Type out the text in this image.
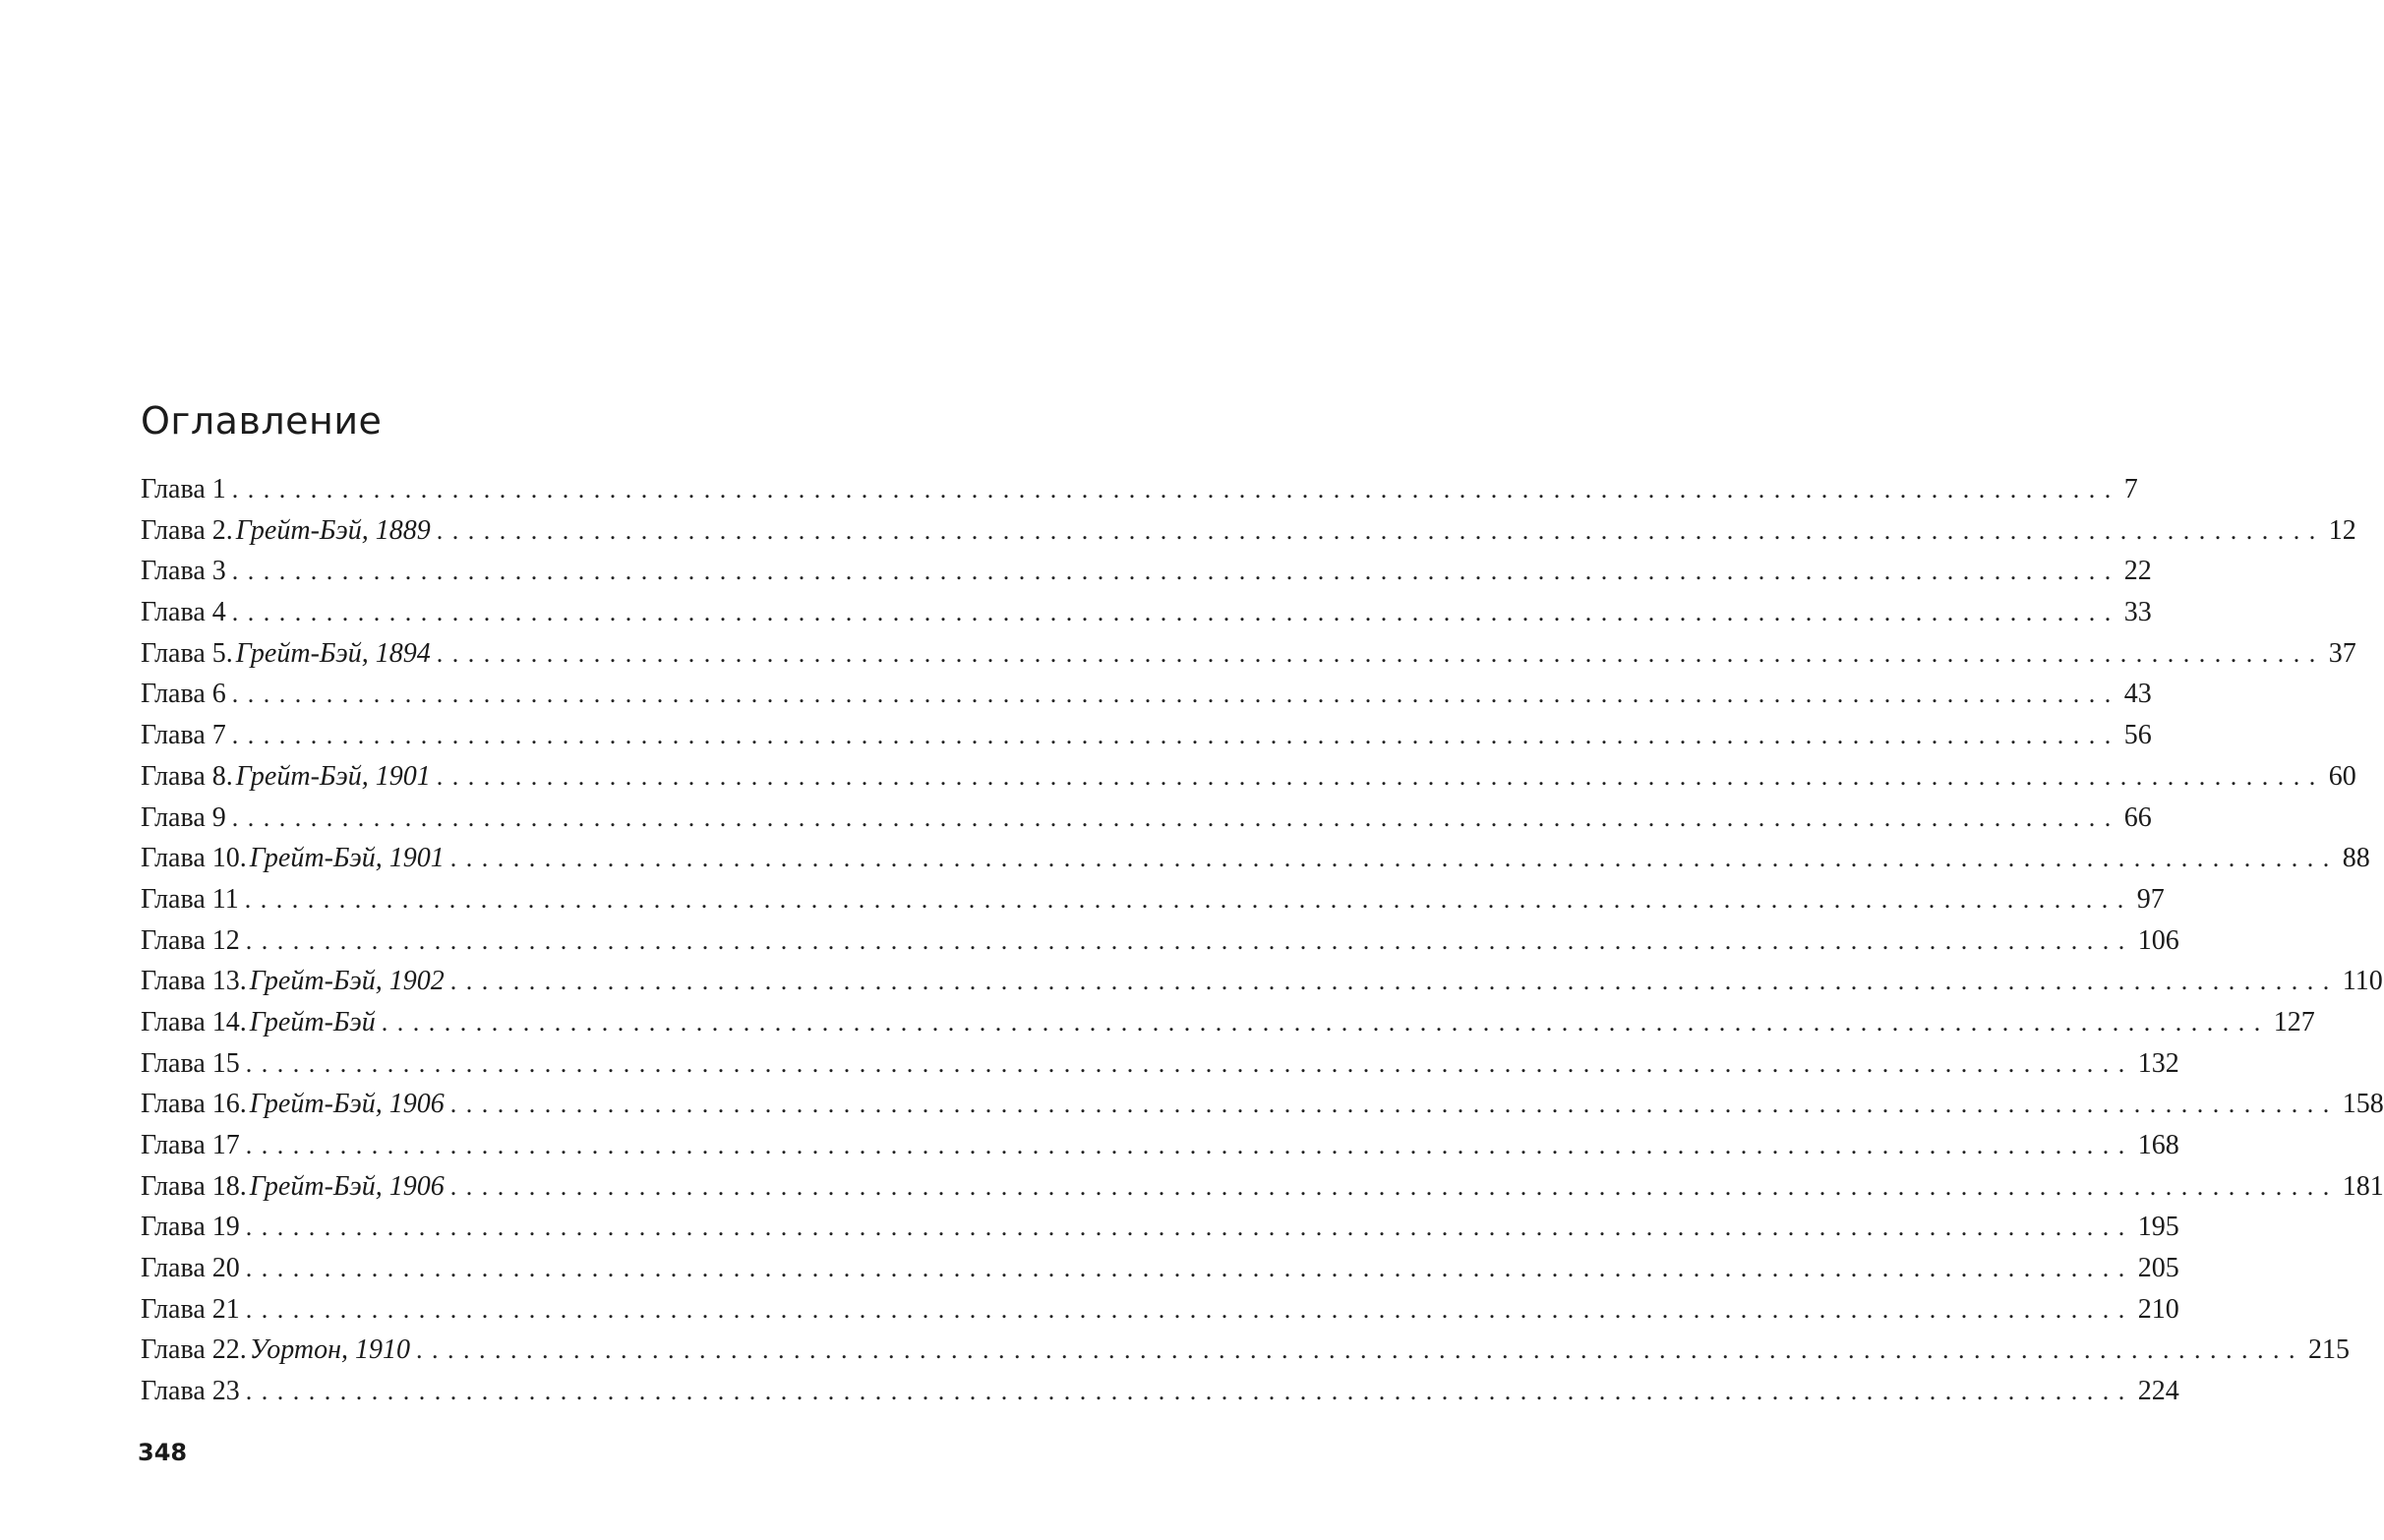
Оглавление
Глава 1 ........................................................................................................................ 7
Глава 2. Грейт-Бэй, 1889 ........................................................................................................................ 12
Глава 3 ........................................................................................................................ 22
Глава 4 ........................................................................................................................ 33
Глава 5. Грейт-Бэй, 1894 ........................................................................................................................ 37
Глава 6 ........................................................................................................................ 43
Глава 7 ........................................................................................................................ 56
Глава 8. Грейт-Бэй, 1901 ........................................................................................................................ 60
Глава 9 ........................................................................................................................ 66
Глава 10. Грейт-Бэй, 1901 ........................................................................................................................ 88
Глава 11 ........................................................................................................................ 97
Глава 12 ........................................................................................................................ 106
Глава 13. Грейт-Бэй, 1902 ........................................................................................................................ 110
Глава 14. Грейт-Бэй ........................................................................................................................ 127
Глава 15 ........................................................................................................................ 132
Глава 16. Грейт-Бэй, 1906 ........................................................................................................................ 158
Глава 17 ........................................................................................................................ 168
Глава 18. Грейт-Бэй, 1906 ........................................................................................................................ 181
Глава 19 ........................................................................................................................ 195
Глава 20 ........................................................................................................................ 205
Глава 21 ........................................................................................................................ 210
Глава 22. Уортон, 1910 ........................................................................................................................ 215
Глава 23 ........................................................................................................................ 224

348
